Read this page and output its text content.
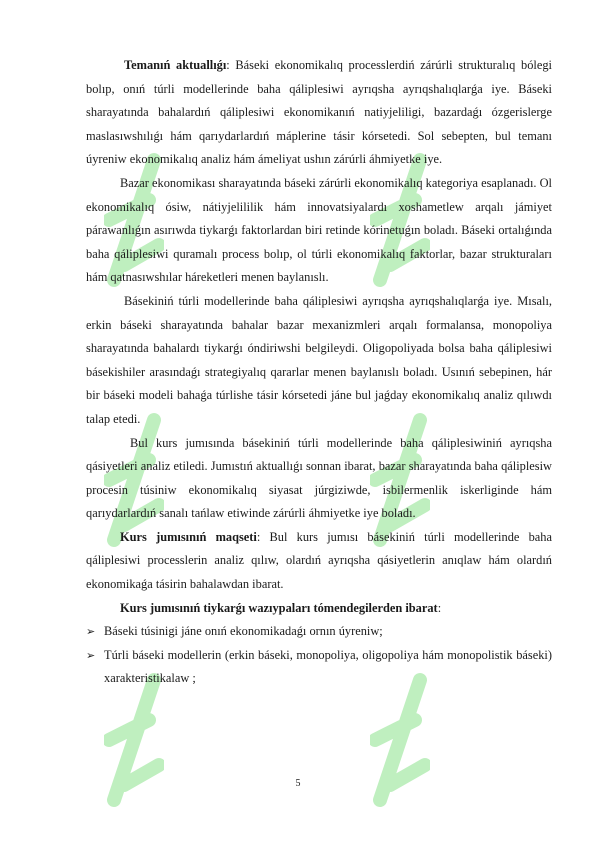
Temanıń aktuallıǵı: Báseki ekonomikalıq processlerdiń zárúrli strukturalıq bólegi bolıp, onıń túrli modellerinde baha qáliplesiwi ayrıqsha ayrıqshalıqlarǵa iye. Báseki sharayatında bahalardıń qáliplesiwi ekonomikanıń natiyjeliligi, bazardaǵı ózgerislerge maslasıwshılıǵı hám qarıydarlardıń máplerine tásir kórsetedi. Sol sebepten, bul temanı úyreniw ekonomikalıq analiz hám ámeliyat ushın zárúrli áhmiyetke iye.

Bazar ekonomikası sharayatında báseki zárúrli ekonomikalıq kategoriya esaplanadı. Ol ekonomikalıq ósiw, nátiyjelililik hám innovatsiyalardı xoshametlew arqalı jámiyet párawanlıǵın asırıwda tiykarǵı faktorlardan biri retinde kórinetuǵın boladı. Báseki ortalıǵında baha qáliplesiwi quramalı process bolıp, ol túrli ekonomikalıq faktorlar, bazar strukturaları hám qatnasıwshılar háreketleri menen baylanıslı.

Básekiniń túrli modellerinde baha qáliplesiwi ayrıqsha ayrıqshalıqlarǵa iye. Mısalı, erkin báseki sharayatında bahalar bazar mexanizmleri arqalı formalansa, monopoliya sharayatında bahalardı tiykarǵı óndiriwshi belgileydi. Oligopoliyada bolsa baha qáliplesiwi básekishiler arasındaǵı strategiyalıq qararlar menen baylanıslı boladı. Usınıń sebepinen, hár bir báseki modeli bahaǵa túrlishe tásir kórsetedi jáne bul jaǵday ekonomikalıq analiz qılıwdı talap etedi.

Bul kurs jumısında básekiniń túrli modellerinde baha qáliplesiwiniń ayrıqsha qásiyetleri analiz etiledi. Jumıstıń aktuallıǵı sonnan ibarat, bazar sharayatında baha qáliplesiw procesin túsiniw ekonomikalıq siyasat júrgiziwde, isbilermenlik iskerliginde hám qarıydarlardıń sanalı tańlaw etiwinde zárúrli áhmiyetke iye boladı.

Kurs jumısınıń maqseti: Bul kurs jumısı básekiniń túrli modellerinde baha qáliplesiwi processlerin analiz qılıw, olardıń ayrıqsha qásiyetlerin anıqlaw hám olardıń ekonomikaǵa tásirin bahalawdan ibarat.

Kurs jumısınıń tiykarǵı wazıypaları tómendegilerden ibarat:

➢ Báseki túsinigi jáne onıń ekonomikadaǵı ornın úyreniw;

➢ Túrli báseki modellerin (erkin báseki, monopoliya, oligopoliya hám monopolistik báseki) xarakteristikalaw ;

5
